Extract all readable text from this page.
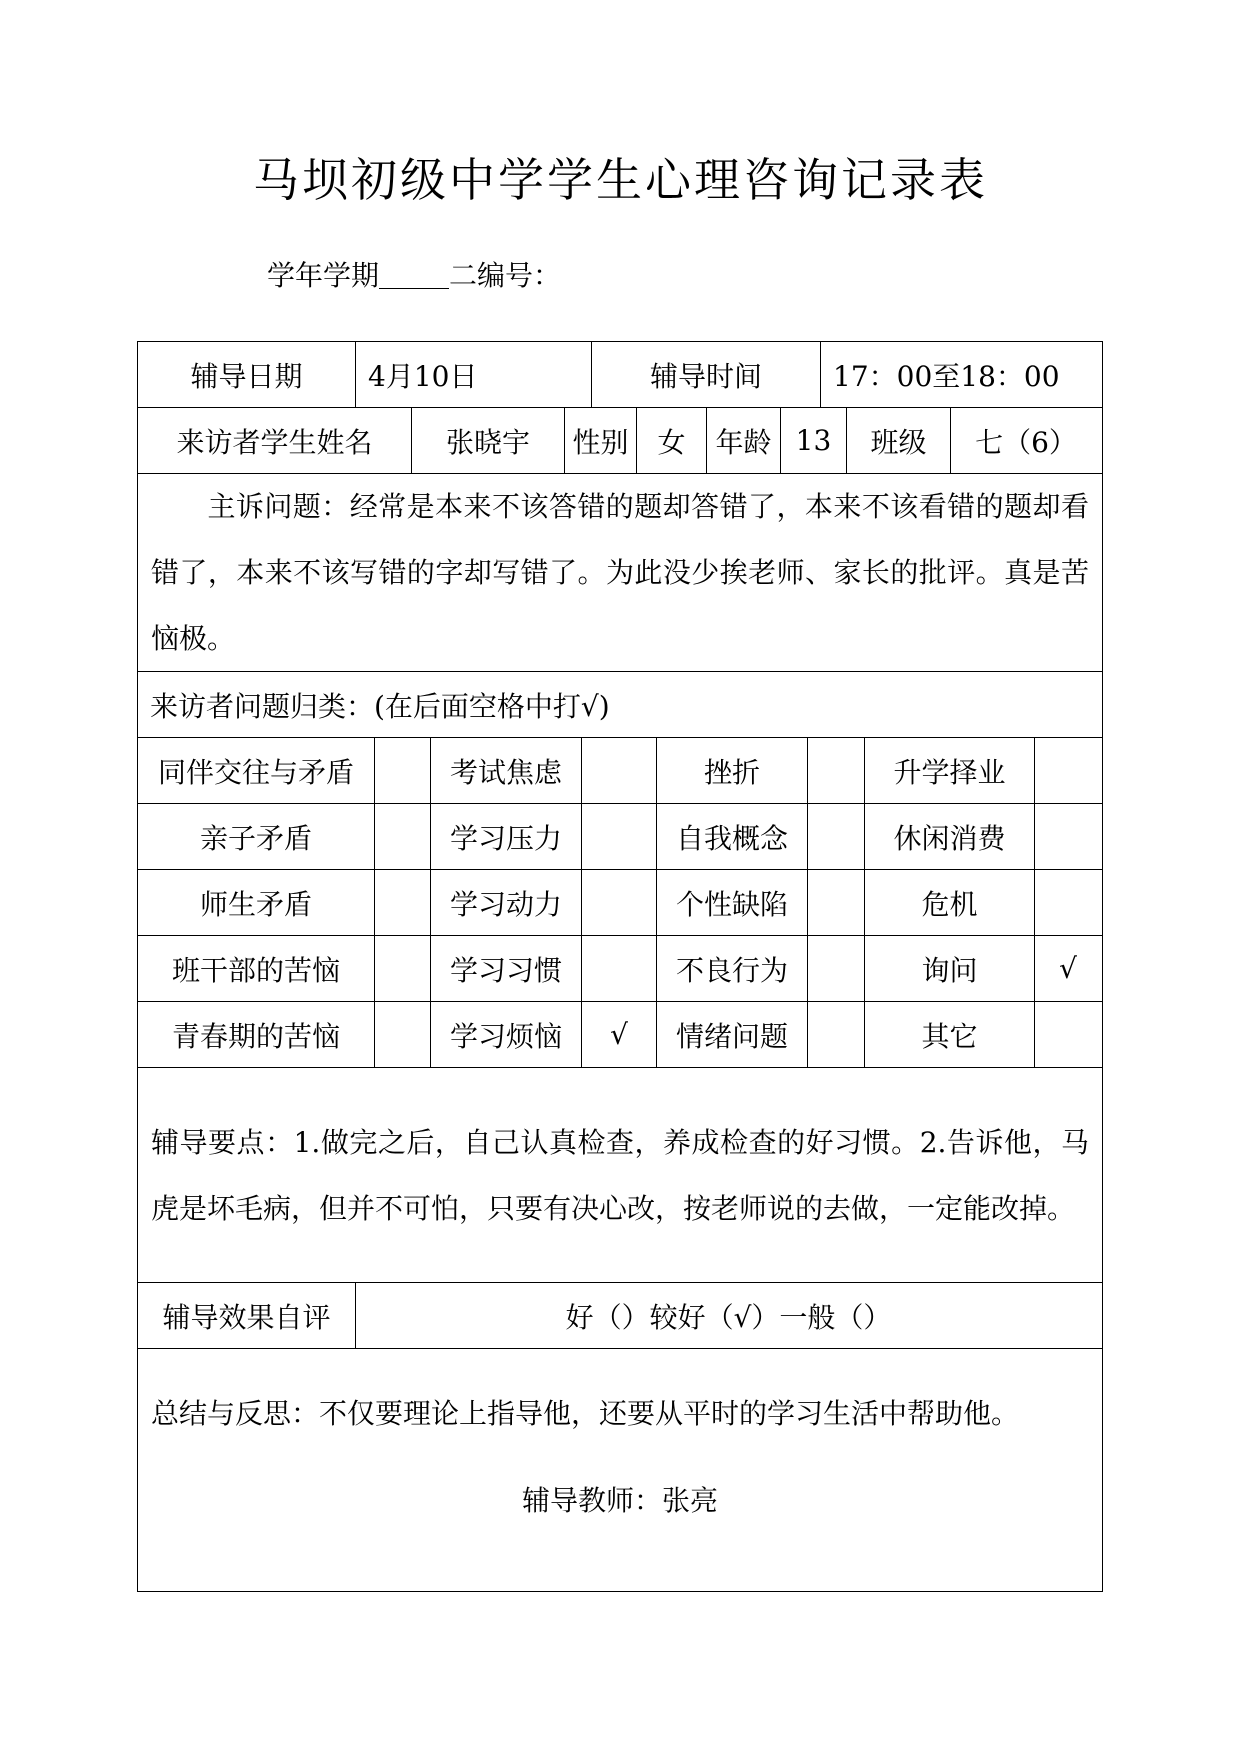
马坝初级中学学生心理咨询记录表
学年学期	二编号：
辅导日期	4月10日	辅导时间	17：00至18：00
来访者学生姓名	张晓宇	性别	女	年龄 13	班级	七（6）
主诉问题：经常是本来不该答错的题却答错了，本来不该看错的题却看错了，本来不该写错的字却写错了。为此没少挨老师、家长的批评。真是苦恼极。
来访者问题归类：(在后面空格中打√)
同伴交往与矛盾	考试焦虑	挫折	升学择业
亲子矛盾	学习压力	自我概念	休闲消费
师生矛盾	学习动力	个性缺陷	危机
班干部的苦恼	学习习惯	不良行为	询问	√
青春期的苦恼	学习烦恼	√	情绪问题	其它
辅导要点：1.做完之后，自己认真检查，养成检查的好习惯。2.告诉他，马虎是坏毛病，但并不可怕，只要有决心改，按老师说的去做，一定能改掉。
辅导效果自评	好（）较好（√）一般（）
总结与反思：不仅要理论上指导他，还要从平时的学习生活中帮助他。
辅导教师：张亮
